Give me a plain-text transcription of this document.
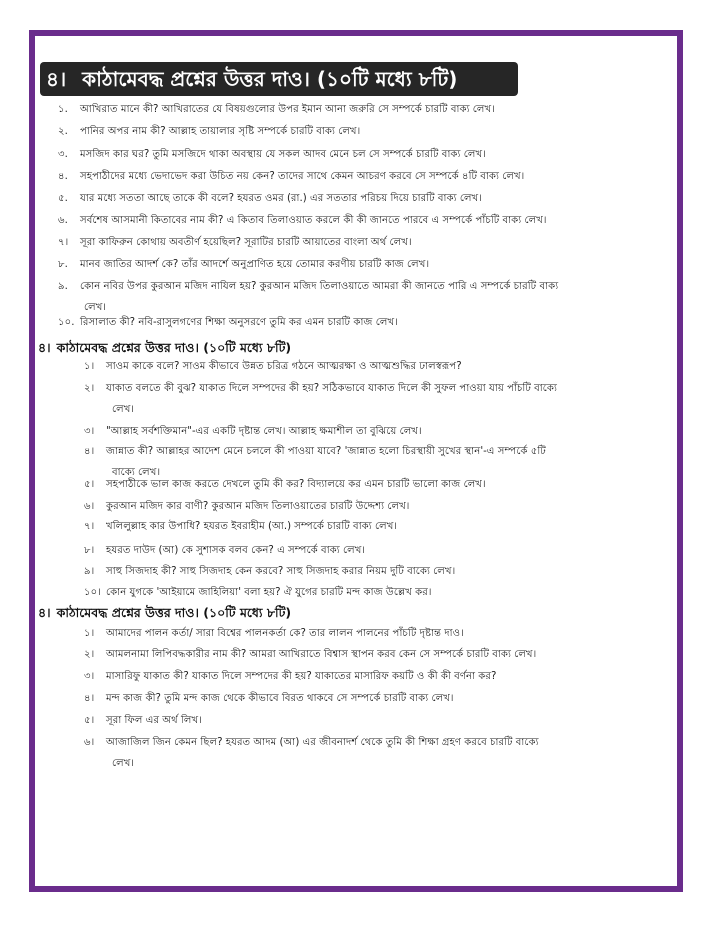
৪। কাঠামেবদ্ধ প্রশ্নের উত্তর দাও। (১০টি মধ্যে ৮টি)
১. আখিরাত মানে কী? আখিরাতের যে বিষয়গুলোর উপর ইমান আনা জরুরি সে সম্পর্কে চারটি বাক্য লেখ।
২. পানির অপর নাম কী? আল্লাহ তায়ালার সৃষ্টি সম্পর্কে চারটি বাক্য লেখ।
৩. মসজিদ কার ঘর? তুমি মসজিদে থাকা অবস্থায় যে সকল আদব মেনে চল সে সম্পর্কে চারটি বাক্য লেখ।
৪. সহপাঠীদের মধ্যে ভেদাভেদ করা উচিত নয় কেন? তাদের সাথে কেমন আচরণ করবে সে সম্পর্কে ৪টি বাক্য লেখ।
৫. যার মধ্যে সততা আছে তাকে কী বলে? হযরত ওমর (রা.) এর সততার পরিচয় দিয়ে চারটি বাক্য লেখ।
৬. সর্বশেষ আসমানী কিতাবের নাম কী? এ কিতাব তিলাওয়াত করলে কী কী জানতে পারবে এ সম্পর্কে পাঁচটি বাক্য লেখ।
৭। সূরা কাফিরুন কোথায় অবতীর্ণ হয়েছিল? সূরাটির চারটি আয়াতের বাংলা অর্থ লেখ।
৮. মানব জাতির আদর্শ কে? তাঁর আদর্শে অনুপ্রাণিত হয়ে তোমার করণীয় চারটি কাজ লেখ।
৯. কোন নবির উপর কুরআন মজিদ নাযিল হয়? কুরআন মজিদ তিলাওয়াতে আমরা কী জানতে পারি এ সম্পর্কে চারটি বাক্য
লেখ।
১০. রিসালাত কী? নবি-রাসুলগণের শিক্ষা অনুসরণে তুমি কর এমন চারটি কাজ লেখ।
৪। কাঠামেবদ্ধ প্রশ্নের উত্তর দাও। (১০টি মধ্যে ৮টি)
১। সাওম কাকে বলে? সাওম কীভাবে উন্নত চরিত্র গঠনে আত্মরক্ষা ও আত্মশুদ্ধির ঢালস্বরূপ?
২। যাকাত বলতে কী বুঝ? যাকাত দিলে সম্পদের কী হয়? সঠিকভাবে যাকাত দিলে কী সুফল পাওয়া যায় পাঁচটি বাক্যে
লেখ।
৩। "আল্লাহ সর্বশক্তিমান"-এর একটি দৃষ্টান্ত লেখ। আল্লাহ ক্ষমাশীল তা বুঝিয়ে লেখ।
৪। জান্নাত কী? আল্লাহর আদেশ মেনে চললে কী পাওয়া যাবে? 'জান্নাত হলো চিরস্থায়ী সুখের স্থান'-এ সম্পর্কে ৫টি
বাক্যে লেখ।
৫। সহপাঠীকে ভাল কাজ করতে দেখলে তুমি কী কর? বিদ্যালয়ে কর এমন চারটি ভালো কাজ লেখ।
৬। কুরআন মজিদ কার বাণী? কুরআন মজিদ তিলাওয়াতের চারটি উদ্দেশ্য লেখ।
৭। খলিলুল্লাহ কার উপাধি? হযরত ইবরাহীম (আ.) সম্পর্কে চারটি বাক্য লেখ।
৮। হযরত দাউদ (আ) কে সুশাসক বলব কেন? এ সম্পর্কে বাক্য লেখ।
৯। সাহু সিজদাহ কী? সাহু সিজদাহ কেন করবে? সাহু সিজদাহ করার নিয়ম দুটি বাক্যে লেখ।
১০। কোন যুগকে 'আইয়ামে জাহিলিয়া' বলা হয়? ঐ যুগের চারটি মন্দ কাজ উল্লেখ কর।
৪। কাঠামেবদ্ধ প্রশ্নের উত্তর দাও। (১০টি মধ্যে ৮টি)
১। আমাদের পালন কর্তা/ সারা বিশ্বের পালনকর্তা কে? তার লালন পালনের পাঁচটি দৃষ্টান্ত দাও।
২। আমলনামা লিপিবদ্ধকারীর নাম কী? আমরা আখিরাতে বিশ্বাস স্থাপন করব কেন সে সম্পর্কে চারটি বাক্য লেখ।
৩। মাসারিফু যাকাত কী? যাকাত দিলে সম্পদের কী হয়? যাকাতের মাসারিফ কয়টি ও কী কী বর্ণনা কর?
৪। মন্দ কাজ কী? তুমি মন্দ কাজ থেকে কীভাবে বিরত থাকবে সে সম্পর্কে চারটি বাক্য লেখ।
৫। সূরা ফিল এর অর্থ লিখ।
৬। আজাজিল জিন কেমন ছিল? হযরত আদম (আ) এর জীবনাদর্শ থেকে তুমি কী শিক্ষা গ্রহণ করবে চারটি বাক্যে
লেখ।
